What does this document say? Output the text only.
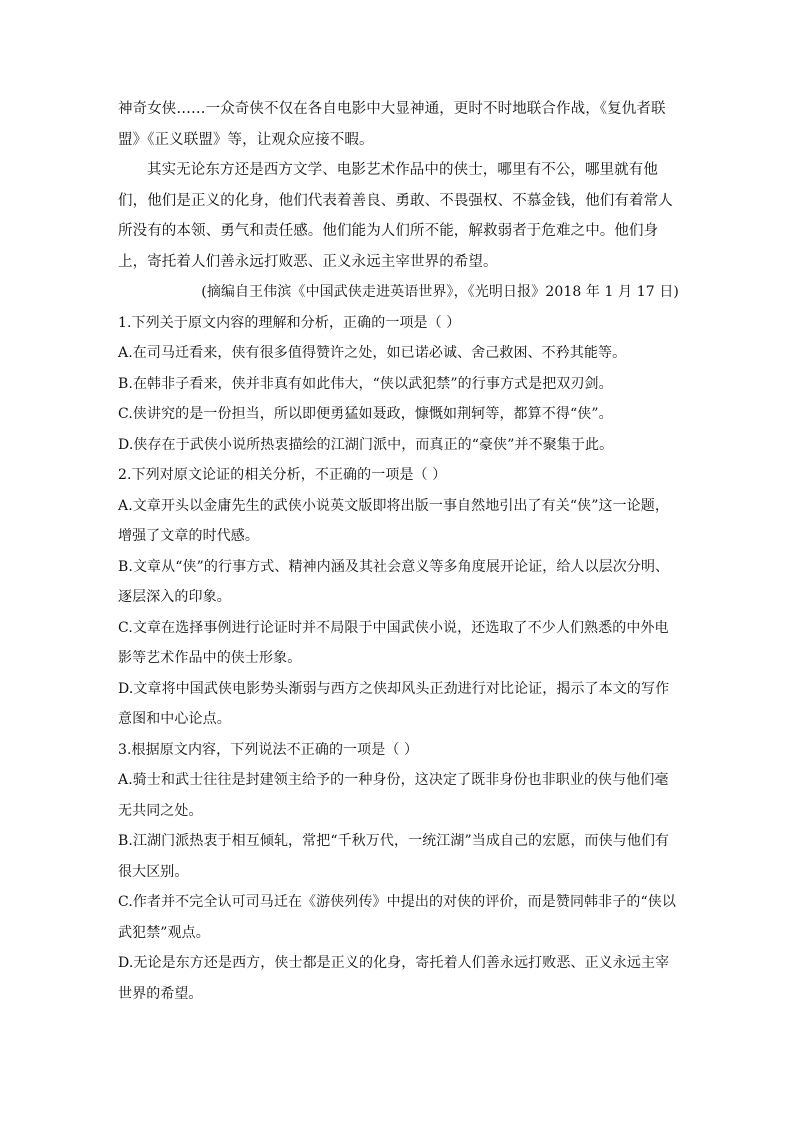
神奇女侠……一众奇侠不仅在各自电影中大显神通，更时不时地联合作战，《复仇者联盟》《正义联盟》等，让观众应接不暇。

其实无论东方还是西方文学、电影艺术作品中的侠士，哪里有不公，哪里就有他们，他们是正义的化身，他们代表着善良、勇敢、不畏强权、不慕金钱，他们有着常人所没有的本领、勇气和责任感。他们能为人们所不能，解救弱者于危难之中。他们身上，寄托着人们善永远打败恶、正义永远主宰世界的希望。

(摘编自王伟滨《中国武侠走进英语世界》，《光明日报》2018 年 1 月 17 日)

1.下列关于原文内容的理解和分析，正确的一项是（ ）

A.在司马迁看来，侠有很多值得赞许之处，如已诺必诚、舍己救困、不矜其能等。

B.在韩非子看来，侠并非真有如此伟大，“侠以武犯禁”的行事方式是把双刃剑。

C.侠讲究的是一份担当，所以即便勇猛如聂政，慷慨如荆轲等，都算不得“侠”。

D.侠存在于武侠小说所热衷描绘的江湖门派中，而真正的“豪侠”并不聚集于此。

2.下列对原文论证的相关分析，不正确的一项是（ ）

A.文章开头以金庸先生的武侠小说英文版即将出版一事自然地引出了有关“侠”这一论题，增强了文章的时代感。

B.文章从“侠”的行事方式、精神内涵及其社会意义等多角度展开论证，给人以层次分明、逐层深入的印象。

C.文章在选择事例进行论证时并不局限于中国武侠小说，还选取了不少人们熟悉的中外电影等艺术作品中的侠士形象。

D.文章将中国武侠电影势头渐弱与西方之侠却风头正劲进行对比论证，揭示了本文的写作意图和中心论点。

3.根据原文内容，下列说法不正确的一项是（ ）

A.骑士和武士往往是封建领主给予的一种身份，这决定了既非身份也非职业的侠与他们毫无共同之处。

B.江湖门派热衷于相互倾轧，常把“千秋万代，一统江湖”当成自己的宏愿，而侠与他们有很大区别。

C.作者并不完全认可司马迁在《游侠列传》中提出的对侠的评价，而是赞同韩非子的“侠以武犯禁”观点。

D.无论是东方还是西方，侠士都是正义的化身，寄托着人们善永远打败恶、正义永远主宰世界的希望。
